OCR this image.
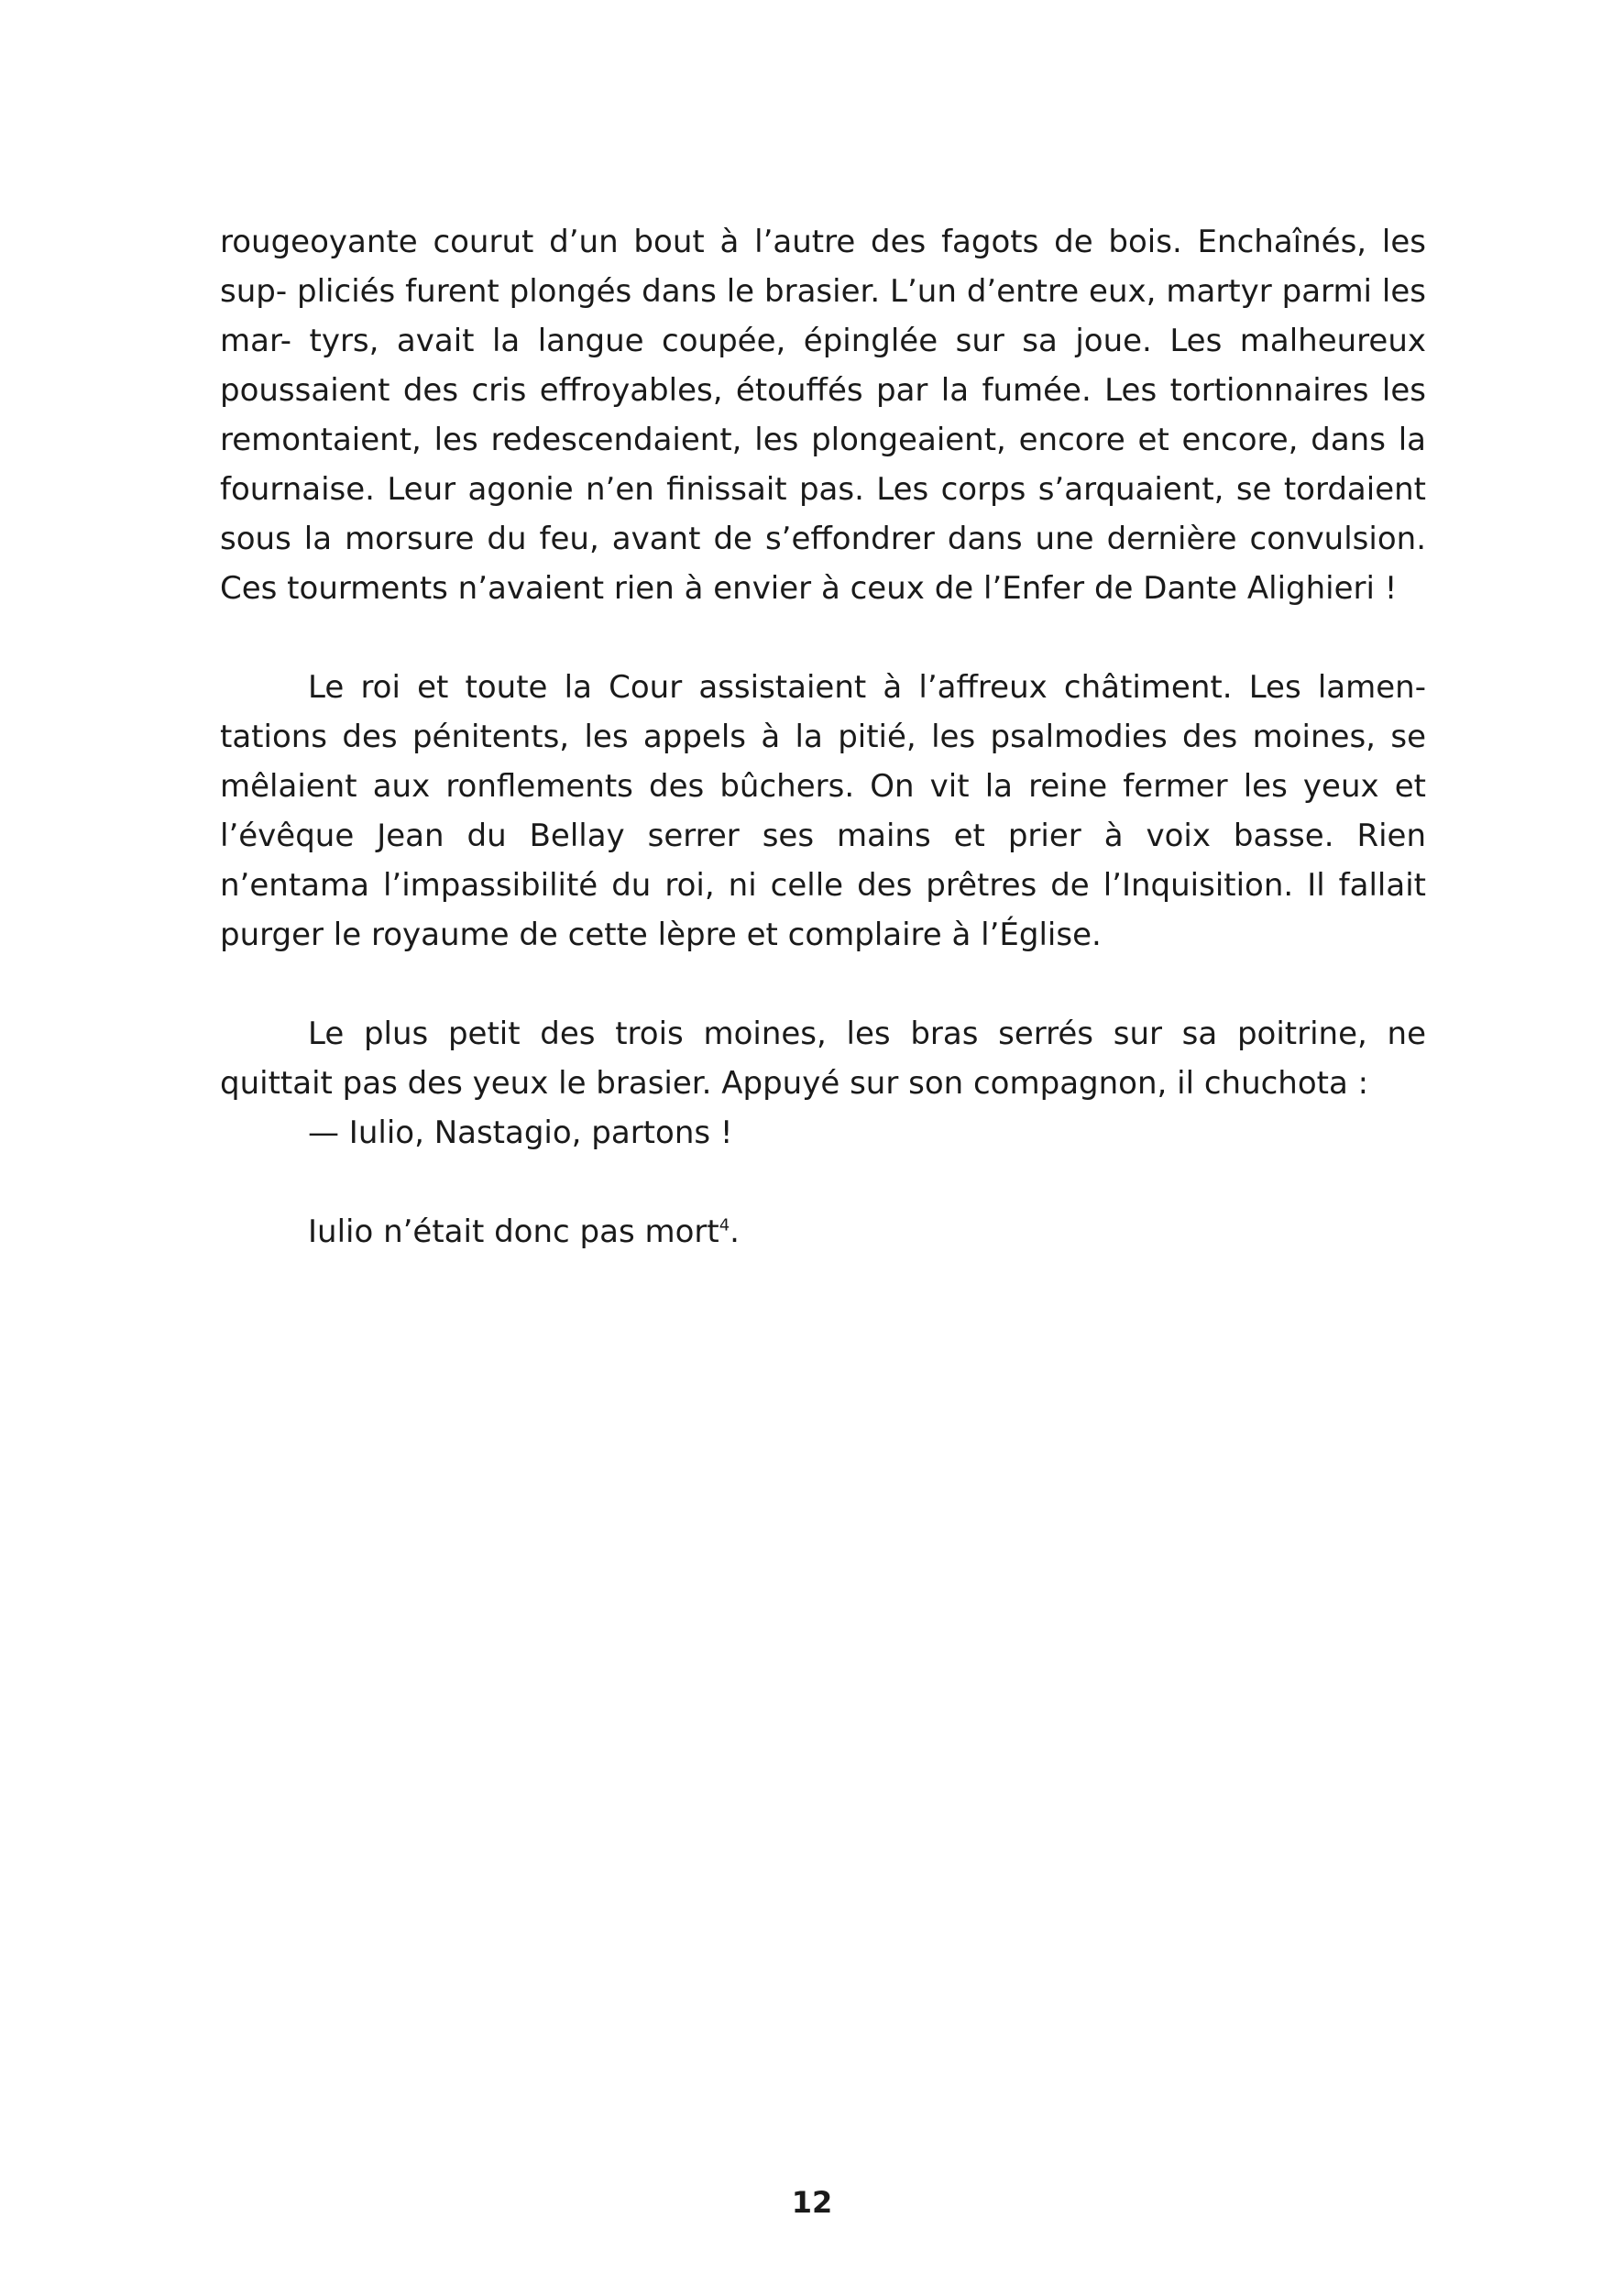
rougeoyante courut d’un bout à l’autre des fagots de bois. Enchaînés, les sup- pliciés furent plongés dans le brasier. L’un d’entre eux, martyr parmi les mar- tyrs, avait la langue coupée, épinglée sur sa joue. Les malheureux poussaient des cris effroyables, étouffés par la fumée. Les tortionnaires les remontaient, les redescendaient, les plongeaient, encore et encore, dans la fournaise. Leur agonie n’en finissait pas. Les corps s’arquaient, se tordaient sous la morsure du feu, avant de s’effondrer dans une dernière convulsion. Ces tourments n’avaient rien à envier à ceux de l’Enfer de Dante Alighieri !

Le roi et toute la Cour assistaient à l’affreux châtiment. Les lamen- tations des pénitents, les appels à la pitié, les psalmodies des moines, se mêlaient aux ronflements des bûchers. On vit la reine fermer les yeux et l’évêque Jean du Bellay serrer ses mains et prier à voix basse. Rien n’entama l’impassibilité du roi, ni celle des prêtres de l’Inquisition. Il fallait purger le royaume de cette lèpre et complaire à l’Église.

Le plus petit des trois moines, les bras serrés sur sa poitrine, ne quittait pas des yeux le brasier. Appuyé sur son compagnon, il chuchota :

— Iulio, Nastagio, partons !

Iulio n’était donc pas mort$^4$.

12
